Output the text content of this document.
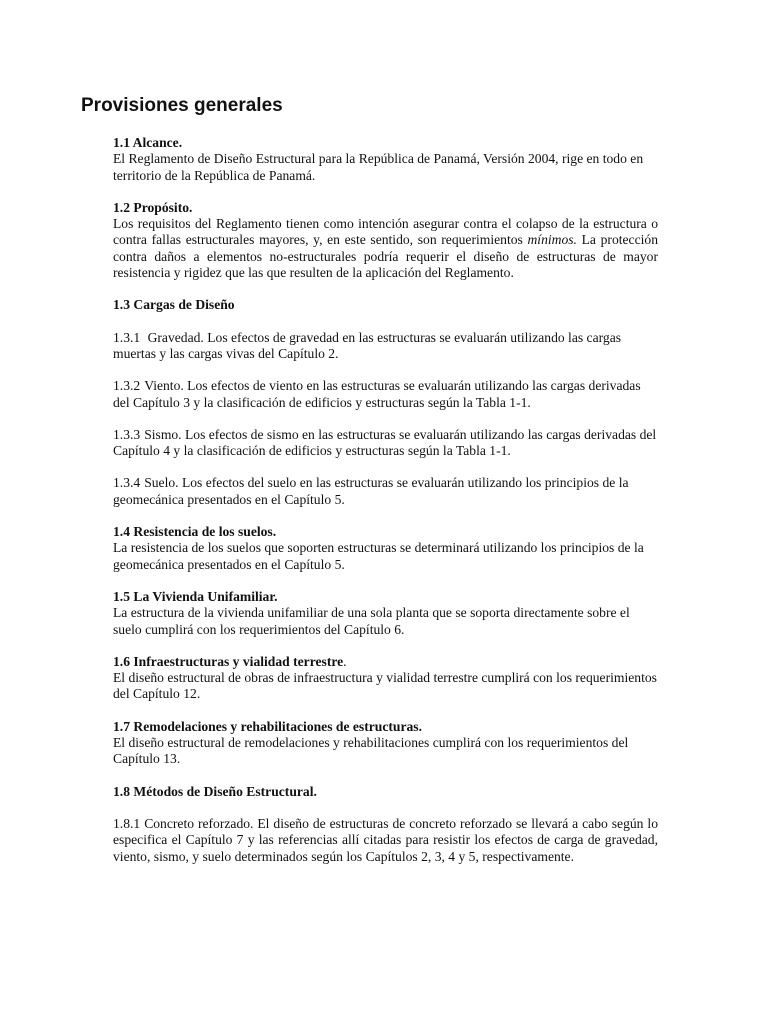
Provisiones generales
1.1 Alcance.
El Reglamento de Diseño Estructural para la República de Panamá, Versión 2004, rige en todo en territorio de la República de Panamá.
1.2 Propósito.
Los requisitos del Reglamento tienen como intención asegurar contra el colapso de la estructura o contra fallas estructurales mayores, y, en este sentido, son requerimientos mínimos. La protección contra daños a elementos no-estructurales podría requerir el diseño de estructuras de mayor resistencia y rigidez que las que resulten de la aplicación del Reglamento.
1.3 Cargas de Diseño
1.3.1 Gravedad. Los efectos de gravedad en las estructuras se evaluarán utilizando las cargas muertas y las cargas vivas del Capítulo 2.
1.3.2 Viento. Los efectos de viento en las estructuras se evaluarán utilizando las cargas derivadas del Capítulo 3 y la clasificación de edificios y estructuras según la Tabla 1-1.
1.3.3 Sismo. Los efectos de sismo en las estructuras se evaluarán utilizando las cargas derivadas del Capítulo 4 y la clasificación de edificios y estructuras según la Tabla 1-1.
1.3.4 Suelo. Los efectos del suelo en las estructuras se evaluarán utilizando los principios de la geomecánica presentados en el Capítulo 5.
1.4 Resistencia de los suelos.
La resistencia de los suelos que soporten estructuras se determinará utilizando los principios de la geomecánica presentados en el Capítulo 5.
1.5 La Vivienda Unifamiliar.
La estructura de la vivienda unifamiliar de una sola planta que se soporta directamente sobre el suelo cumplirá con los requerimientos del Capítulo 6.
1.6 Infraestructuras y vialidad terrestre.
El diseño estructural de obras de infraestructura y vialidad terrestre cumplirá con los requerimientos del Capítulo 12.
1.7 Remodelaciones y rehabilitaciones de estructuras.
El diseño estructural de remodelaciones y rehabilitaciones cumplirá con los requerimientos del Capítulo 13.
1.8 Métodos de Diseño Estructural.
1.8.1 Concreto reforzado. El diseño de estructuras de concreto reforzado se llevará a cabo según lo especifica el Capítulo 7 y las referencias allí citadas para resistir los efectos de carga de gravedad, viento, sismo, y suelo determinados según los Capítulos 2, 3, 4 y 5, respectivamente.
